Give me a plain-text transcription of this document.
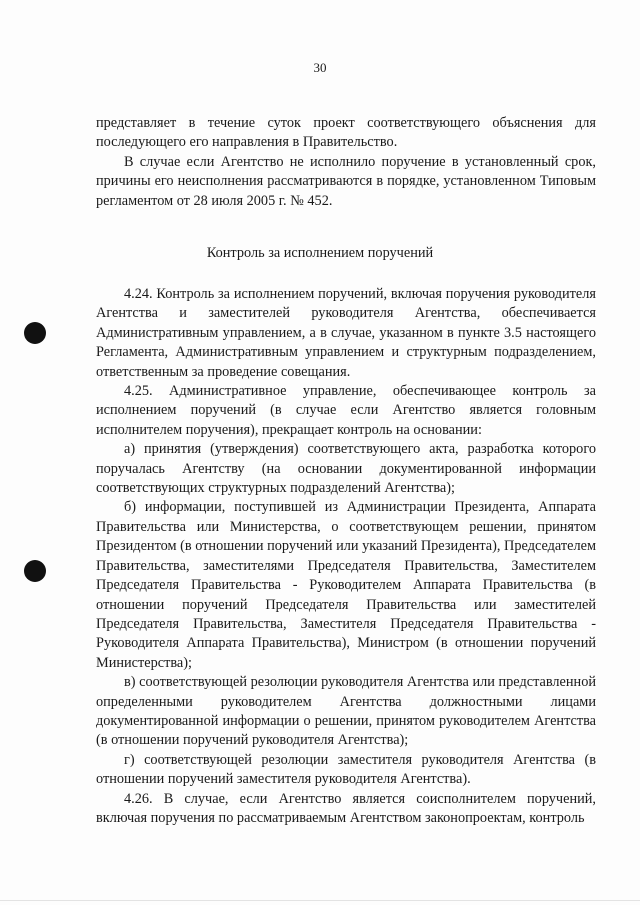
30

представляет в течение суток проект соответствующего объяснения для последующего его направления в Правительство.

В случае если Агентство не исполнило поручение в установленный срок, причины его неисполнения рассматриваются в порядке, установленном Типовым регламентом от 28 июля 2005 г. № 452.

Контроль за исполнением поручений

4.24. Контроль за исполнением поручений, включая поручения руководителя Агентства и заместителей руководителя Агентства, обеспечивается Административным управлением, а в случае, указанном в пункте 3.5 настоящего Регламента, Административным управлением и структурным подразделением, ответственным за проведение совещания.

4.25. Административное управление, обеспечивающее контроль за исполнением поручений (в случае если Агентство является головным исполнителем поручения), прекращает контроль на основании:

а) принятия (утверждения) соответствующего акта, разработка которого поручалась Агентству (на основании документированной информации соответствующих структурных подразделений Агентства);

б) информации, поступившей из Администрации Президента, Аппарата Правительства или Министерства, о соответствующем решении, принятом Президентом (в отношении поручений или указаний Президента), Председателем Правительства, заместителями Председателя Правительства, Заместителем Председателя Правительства - Руководителем Аппарата Правительства (в отношении поручений Председателя Правительства или заместителей Председателя Правительства, Заместителя Председателя Правительства - Руководителя Аппарата Правительства), Министром (в отношении поручений Министерства);

в) соответствующей резолюции руководителя Агентства или представленной определенными руководителем Агентства должностными лицами документированной информации о решении, принятом руководителем Агентства (в отношении поручений руководителя Агентства);

г) соответствующей резолюции заместителя руководителя Агентства (в отношении поручений заместителя руководителя Агентства).

4.26. В случае, если Агентство является соисполнителем поручений, включая поручения по рассматриваемым Агентством законопроектам, контроль
